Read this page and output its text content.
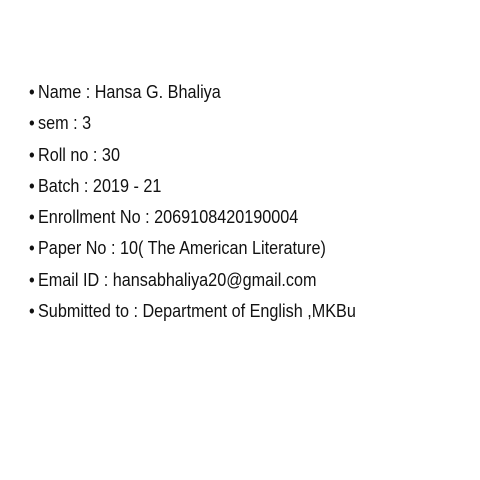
• Name : Hansa G. Bhaliya
• sem : 3
• Roll no : 30
• Batch : 2019 - 21
• Enrollment No : 2069108420190004
• Paper No : 10( The American Literature)
• Email ID : hansabhaliya20@gmail.com
• Submitted to : Department of English ,MKBu
